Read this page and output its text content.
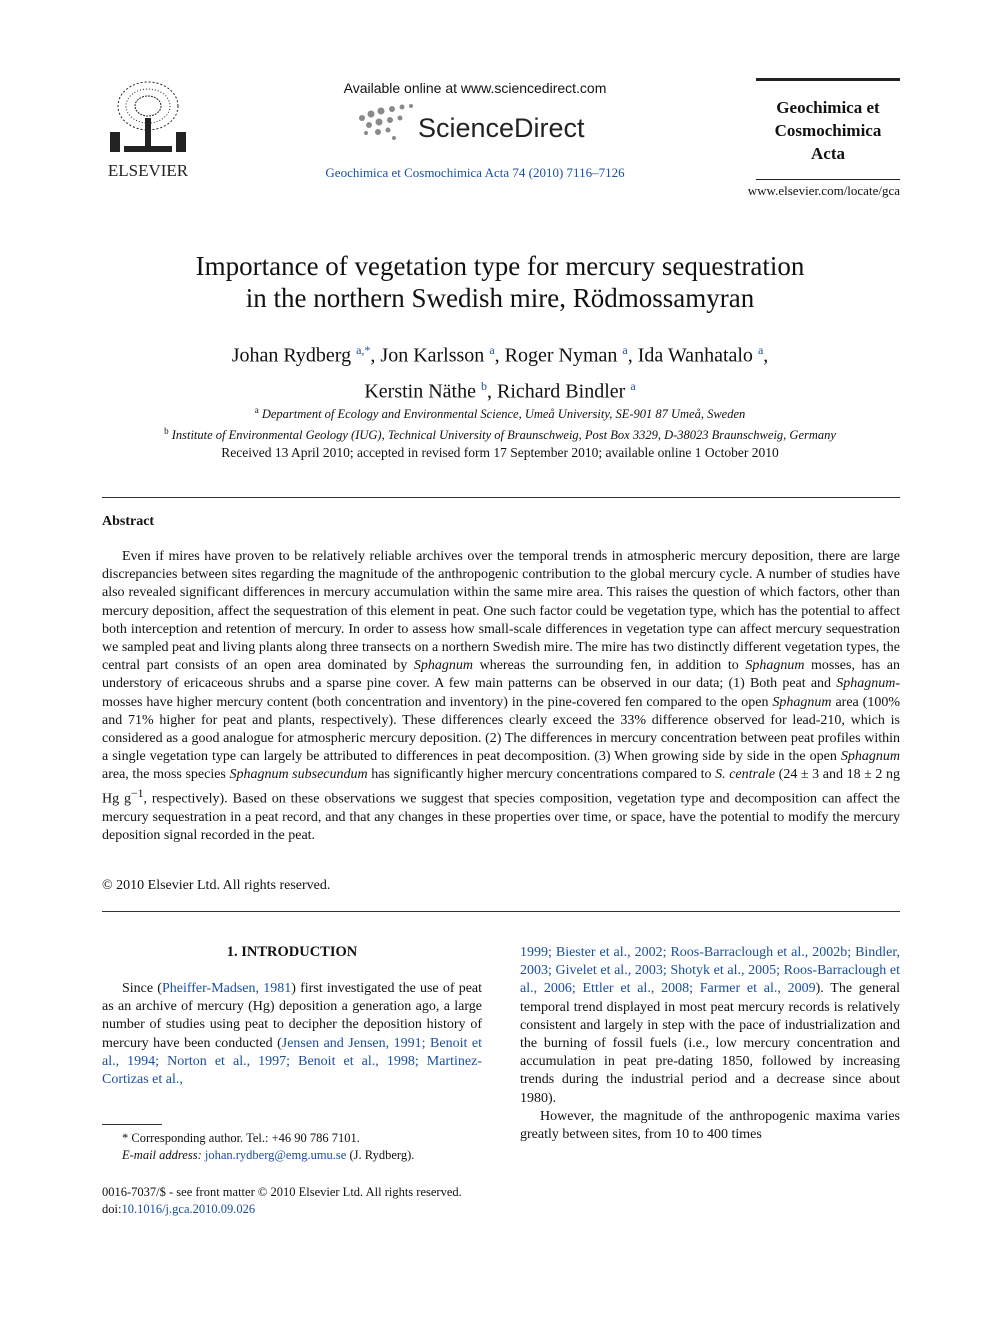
ELSEVIER
Available online at www.sciencedirect.com
ScienceDirect
Geochimica et Cosmochimica Acta 74 (2010) 7116–7126
Geochimica et
Cosmochimica
Acta
www.elsevier.com/locate/gca
Importance of vegetation type for mercury sequestration
in the northern Swedish mire, Rödmossamyran
Johan Rydberg $^{a,*}$, Jon Karlsson $^a$, Roger Nyman $^a$, Ida Wanhatalo $^a$,
Kerstin Näthe $^b$, Richard Bindler $^a$
$^a$ Department of Ecology and Environmental Science, Umeå University, SE-901 87 Umeå, Sweden
$^b$ Institute of Environmental Geology (IUG), Technical University of Braunschweig, Post Box 3329, D-38023 Braunschweig, Germany
Received 13 April 2010; accepted in revised form 17 September 2010; available online 1 October 2010
Abstract

Even if mires have proven to be relatively reliable archives over the temporal trends in atmospheric mercury deposition, there are large discrepancies between sites regarding the magnitude of the anthropogenic contribution to the global mercury cycle. A number of studies have also revealed significant differences in mercury accumulation within the same mire area. This raises the question of which factors, other than mercury deposition, affect the sequestration of this element in peat. One such factor could be vegetation type, which has the potential to affect both interception and retention of mercury. In order to assess how small-scale differences in vegetation type can affect mercury sequestration we sampled peat and living plants along three transects on a northern Swedish mire. The mire has two distinctly different vegetation types, the central part consists of an open area dominated by Sphagnum whereas the surrounding fen, in addition to Sphagnum mosses, has an understory of ericaceous shrubs and a sparse pine cover. A few main patterns can be observed in our data; (1) Both peat and Sphagnum-mosses have higher mercury content (both concentration and inventory) in the pine-covered fen compared to the open Sphagnum area (100% and 71% higher for peat and plants, respectively). These differences clearly exceed the 33% difference observed for lead-210, which is considered as a good analogue for atmospheric mercury deposition. (2) The differences in mercury concentration between peat profiles within a single vegetation type can largely be attributed to differences in peat decomposition. (3) When growing side by side in the open Sphagnum area, the moss species Sphagnum subsecundum has significantly higher mercury concentrations compared to S. centrale (24 ± 3 and 18 ± 2 ng Hg $g^{-1}$, respectively). Based on these observations we suggest that species composition, vegetation type and decomposition can affect the mercury sequestration in a peat record, and that any changes in these properties over time, or space, have the potential to modify the mercury deposition signal recorded in the peat.

© 2010 Elsevier Ltd. All rights reserved.
1. INTRODUCTION
Since (Pheiffer-Madsen, 1981) first investigated the use of peat as an archive of mercury (Hg) deposition a generation ago, a large number of studies using peat to decipher the deposition history of mercury have been conducted (Jensen and Jensen, 1991; Benoit et al., 1994; Norton et al., 1997; Benoit et al., 1998; Martinez-Cortizas et al.,

1999; Biester et al., 2002; Roos-Barraclough et al., 2002b; Bindler, 2003; Givelet et al., 2003; Shotyk et al., 2005; Roos-Barraclough et al., 2006; Ettler et al., 2008; Farmer et al., 2009). The general temporal trend displayed in most peat mercury records is relatively consistent and largely in step with the pace of industrialization and the burning of fossil fuels (i.e., low mercury concentration and accumulation in peat pre-dating 1850, followed by increasing trends during the industrial period and a decrease since about 1980).

However, the magnitude of the anthropogenic maxima varies greatly between sites, from 10 to 400 times

* Corresponding author. Tel.: +46 90 786 7101.
E-mail address: johan.rydberg@emg.umu.se (J. Rydberg).
0016-7037/$ - see front matter © 2010 Elsevier Ltd. All rights reserved.
doi:10.1016/j.gca.2010.09.026
